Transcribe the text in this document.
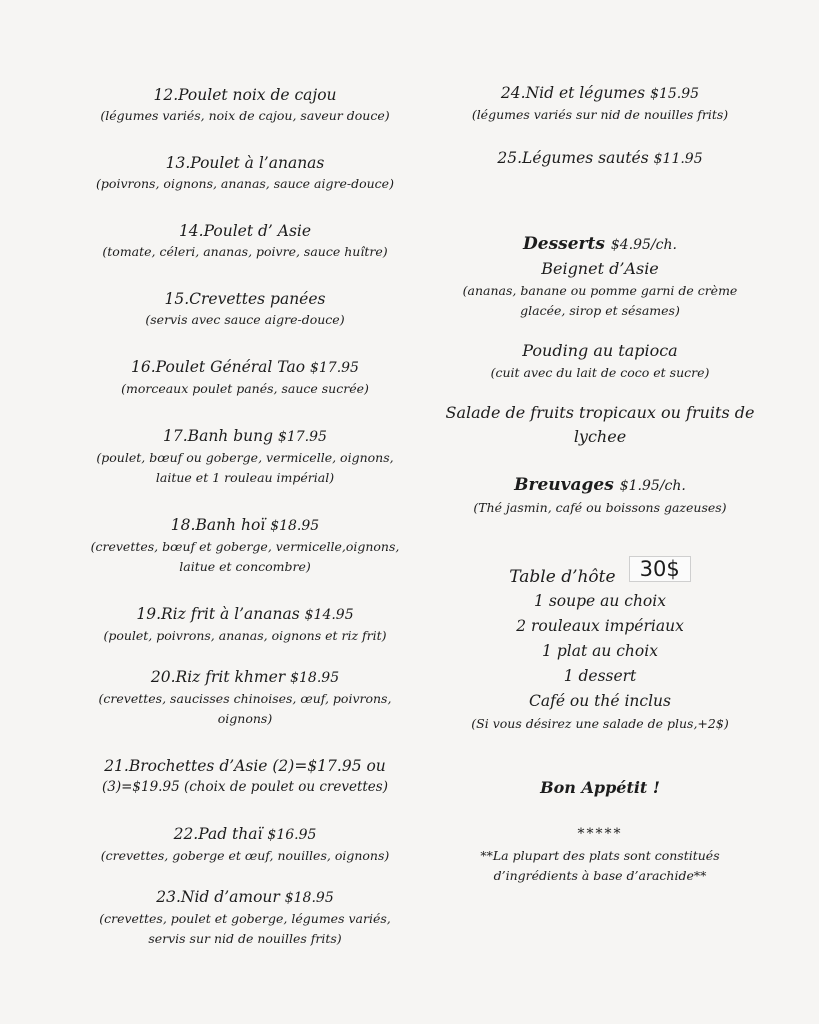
12.Poulet noix de cajou
(légumes variés, noix de cajou, saveur douce)
13.Poulet à l’ananas
(poivrons, oignons, ananas, sauce aigre-douce)
14.Poulet d’ Asie
(tomate, céleri, ananas, poivre, sauce huître)
15.Crevettes panées
(servis avec sauce aigre-douce)
16.Poulet Général Tao $17.95
(morceaux poulet panés, sauce sucrée)
17.Banh bung $17.95
(poulet, bœuf ou goberge, vermicelle, oignons,
laitue et 1 rouleau impérial)
18.Banh hoï $18.95
(crevettes, bœuf et goberge, vermicelle,oignons,
laitue et concombre)
19.Riz frit à l’ananas $14.95
(poulet, poivrons, ananas, oignons et riz frit)
20.Riz frit khmer $18.95
(crevettes, saucisses chinoises, œuf, poivrons,
oignons)
21.Brochettes d’Asie (2)=$17.95 ou
(3)=$19.95 (choix de poulet ou crevettes)
22.Pad thaï $16.95
(crevettes, goberge et œuf, nouilles, oignons)
23.Nid d’amour $18.95
(crevettes, poulet et goberge, légumes variés,
servis sur nid de nouilles frits)
24.Nid et légumes $15.95
(légumes variés sur nid de nouilles frits)
25.Légumes sautés $11.95
Desserts $4.95/ch.
Beignet d’Asie
(ananas, banane ou pomme garni de crème
glacée, sirop et sésames)
Pouding au tapioca
(cuit avec du lait de coco et sucre)
Salade de fruits tropicaux ou fruits de
lychee
Breuvages $1.95/ch.
(Thé jasmin, café ou boissons gazeuses)
Table d’hôte 30$
1 soupe au choix
2 rouleaux impériaux
1 plat au choix
1 dessert
Café ou thé inclus
(Si vous désirez une salade de plus,+2$)
Bon Appétit !
*****
**La plupart des plats sont constitués
d’ingrédients à base d’arachide**
